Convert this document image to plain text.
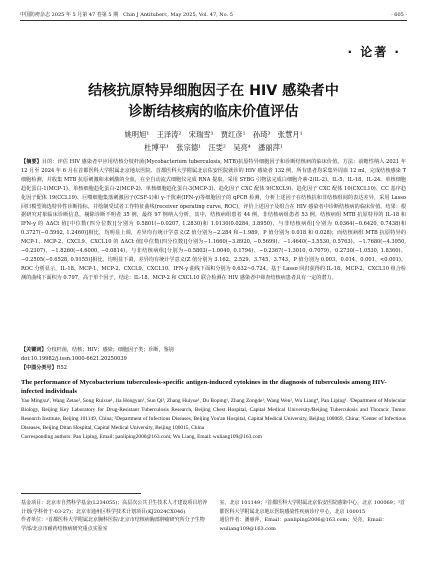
中国防痨杂志 2025 年 5 月第 47 卷第 5 期　Chin J Antituberc, May 2025, Vol. 47, No. 5	· 605 ·
· 论著 ·
结核抗原特异细胞因子在 HIV 感染者中
诊断结核病的临床价值评估
姚明旭¹　王泽涛²　宋瑞雪¹　贾红彦¹　孙琦³　张慧月¹
杜博平¹　张宗德¹　汪雯²　吴亮⁴　潘丽萍¹
【摘要】目的：评估 HIV 感染者中应用结核分枝杆菌(Mycobacterium tuberculosis, MTB)抗原特异细胞因子和诊断结核病的临床价值。方法：前瞻性纳入 2021 年 12 月至 2024 年 6 月在首都医科大学附属北京地坛医院、首都医科大学附属北京佑安医院就诊的 HIV 感染者 132 例，所有患者均采集外周血 12 ml，完成结核感染 T 细胞检测，并收集 MTB 抗原刺激和未刺激的全血，在全自动流式细胞仪完成 RNA 提取，采用 SYBG 引物法完成白细胞介素-2(IL-2)、IL-5、IL-18、IL-24、单核细胞趋化蛋白-1(MCP-1)、单核细胞趋化蛋白-2(MCP-2)、单核细胞趋化蛋白-3(MCP-3)、趋化因子 CXC 配体 9(CXCL9)、趋化因子 CXC 配体 10(CXCL10)、CC 基序趋化因子配体 19(CCL19)、巨噬细胞集落刺激因子(CSF-1)和 γ-干扰素(IFN-γ)等细胞因子的 qPCR 检测，分析上述因子在结核抗和非结核组间的表达差异，采用 Lasso 回归模型筛选特异性诊断指标，并绘制受试者工作特征曲线(receiver operating curve, ROC)，评价上述因子及组合在 HIV 感染者中诊断结核病的临床价值。结果：根据研究对象临床诊断信息，剔除诊断不明者 35 例，最终 97 例纳入分析，其中，结核病组患者 44 例，非结核病组患者 53 例。结核病组 MTB 抗原特异的 IL-18 和 IFN-γ 的 ΔΔCt 值[中位数(四分位数)]分别为 0.5801(−0.0207, 1.2830)和 1.0130(0.0284, 3.8950)，与非结核病组[分别为 0.0364(−0.6420, 0.7438)和 0.3727(−0.5992, 1.2460)]相比，均明显上调，差异均有统计学意义(Z 值分别为−2.284 和−1.989，P 值分别为 0.018 和 0.028)；而结核病组 MTB 抗原特异的 MCP-1、MCP-2、CXCL9、CXCL10 的 ΔΔCt 值[中位数(四分位数)]分别为−1.1660(−3.8920, −0.5699)、−1.4640(−3.5530, 0.5763)、−1.7680(−4.3950, −0.2307)、−1.8260(−4.6000, −0.0814)，与非结核病组[分别为−0.5803(−1.0040, 0.1794)、−0.2367(−1.3010, 0.7079)、0.2730(−1.0530, 1.8360)、−0.2505(−0.6528, 0.9155)]相比，均明显下调，差异均有统计学意义(Z 值分别为 3.162、2.529、3.745、3.743，P 值分别为 0.003、0.014、0.001、<0.001)。ROC 分析显示，IL-18、MCP-1、MCP-2、CXCL9、CXCL10、IFN-γ 曲线下面积分别为 0.632~0.724。基于 Lasso 回归获得的 IL-18、MCP-2、CXCL10 组合检测的曲线下面积为 0.797，高于单个因子。结论：IL-18、MCP-2 和 CXCL10 联合检测在 HIV 感染者中筛查结核病患者具有一定的潜力。
【关键词】分枝杆菌，结核；HIV；感染；细胞因子类；诊断，鉴别
doi:10.19982/j.issn.1000-6621.20250039
【中图分类号】R52
The performance of Mycobacterium tuberculosis-specific antigen-induced cytokines in the diagnosis of tuberculosis among HIV-infected individuals
Yao Mingxu¹, Wang Zetao², Song Ruixue¹, Jia Hongyan¹, Sun Qi³, Zhang Huiyue¹, Du Boping¹, Zhang Zongde¹, Wang Wen², Wu Liang⁴, Pan Liping¹. ¹Department of Molecular Biology, Beijing Key Laboratory for Drug-Resistant Tuberculosis Research, Beijing Chest Hospital, Capital Medical University/Beijing Tuberculosis and Thoracic Tumor Research Institute, Beijing 101149, China; ²Department of Infectious Diseases, Beijing You'an Hospital, Capital Medical University, Beijing 100069, China; ³Center of Infectious Diseases, Beijing Ditan Hospital, Capital Medical University, Beijing 100015, China
Corresponding authors: Pan Liping, Email: panliping2006@163.com; Wu Liang, Email: wuliang109@163.com
基金项目：北京市自然科学基金(L234055)；高层次公共卫生技术人才建设项目培养计划(学科骨干-03-27)；北京市通州区科学技术计划项目(KJ2024CX046)
作者单位：¹首都医科大学附属北京胸科医院/北京市结核病胸部肿瘤研究所分子生物学部/北京市耐药结核病研究重点实验室
室，北京 101149；²首都医科大学附属北京佑安医院感染中心，北京 100069；³首都医科大学附属北京地坛医院感染性疾病诊疗中心，北京 100015
通信作者：潘丽萍，Email：panliping2006@163.com；吴亮，Email：wuliang109@163.com
